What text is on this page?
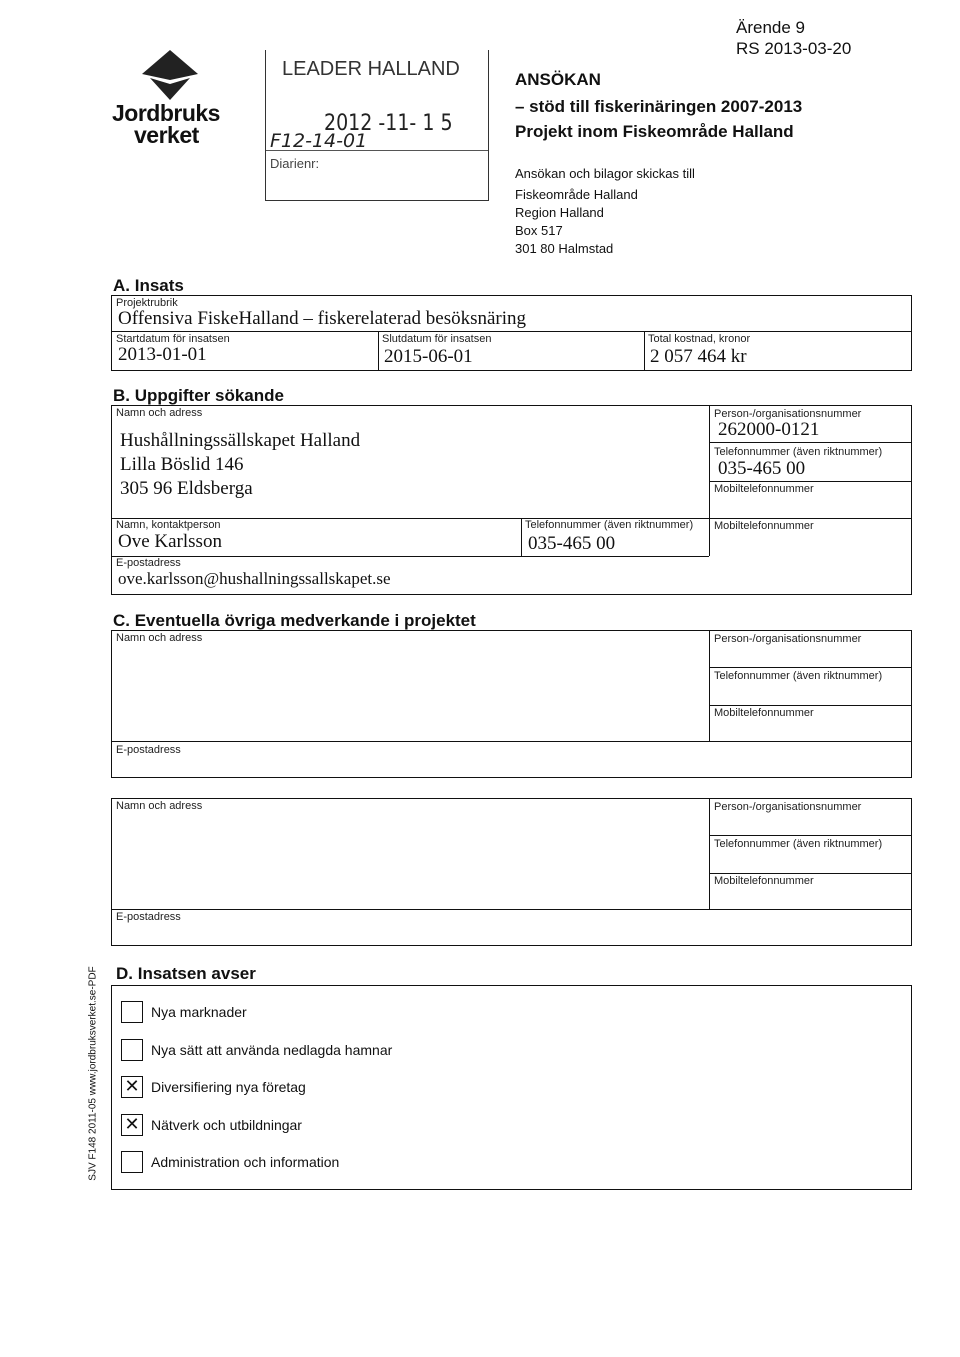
Ärende 9
RS 2013-03-20
Jordbruks
verket
LEADER HALLAND
2012 -11- 1 5
F12-14-01
Diarienr:
ANSÖKAN
– stöd till fiskerinäringen 2007-2013
Projekt inom Fiskeområde Halland
Ansökan och bilagor skickas till
Fiskeområde Halland
Region Halland
Box 517
301 80 Halmstad
A. Insats
Projektrubrik
Offensiva FiskeHalland – fiskerelaterad besöksnäring
Startdatum för insatsen
2013-01-01
Slutdatum för insatsen
2015-06-01
Total kostnad, kronor
2 057 464 kr
B. Uppgifter sökande
Namn och adress
Hushållningssällskapet Halland
Lilla Böslid 146
305 96 Eldsberga
Person-/organisationsnummer
262000-0121
Telefonnummer (även riktnummer)
035-465 00
Mobiltelefonnummer
Namn, kontaktperson
Ove Karlsson
Telefonnummer (även riktnummer)
035-465 00
Mobiltelefonnummer
E-postadress
ove.karlsson@hushallningssallskapet.se
C. Eventuella övriga medverkande i projektet
Namn och adress	Person-/organisationsnummer
Telefonnummer (även riktnummer)
Mobiltelefonnummer
E-postadress
Namn och adress	Person-/organisationsnummer
Telefonnummer (även riktnummer)
Mobiltelefonnummer
E-postadress
D. Insatsen avser
Nya marknader
Nya sätt att använda nedlagda hamnar
✕ Diversifiering nya företag
✕ Nätverk och utbildningar
Administration och information
SJV F148 2011-05 www.jordbruksverket.se-PDF
